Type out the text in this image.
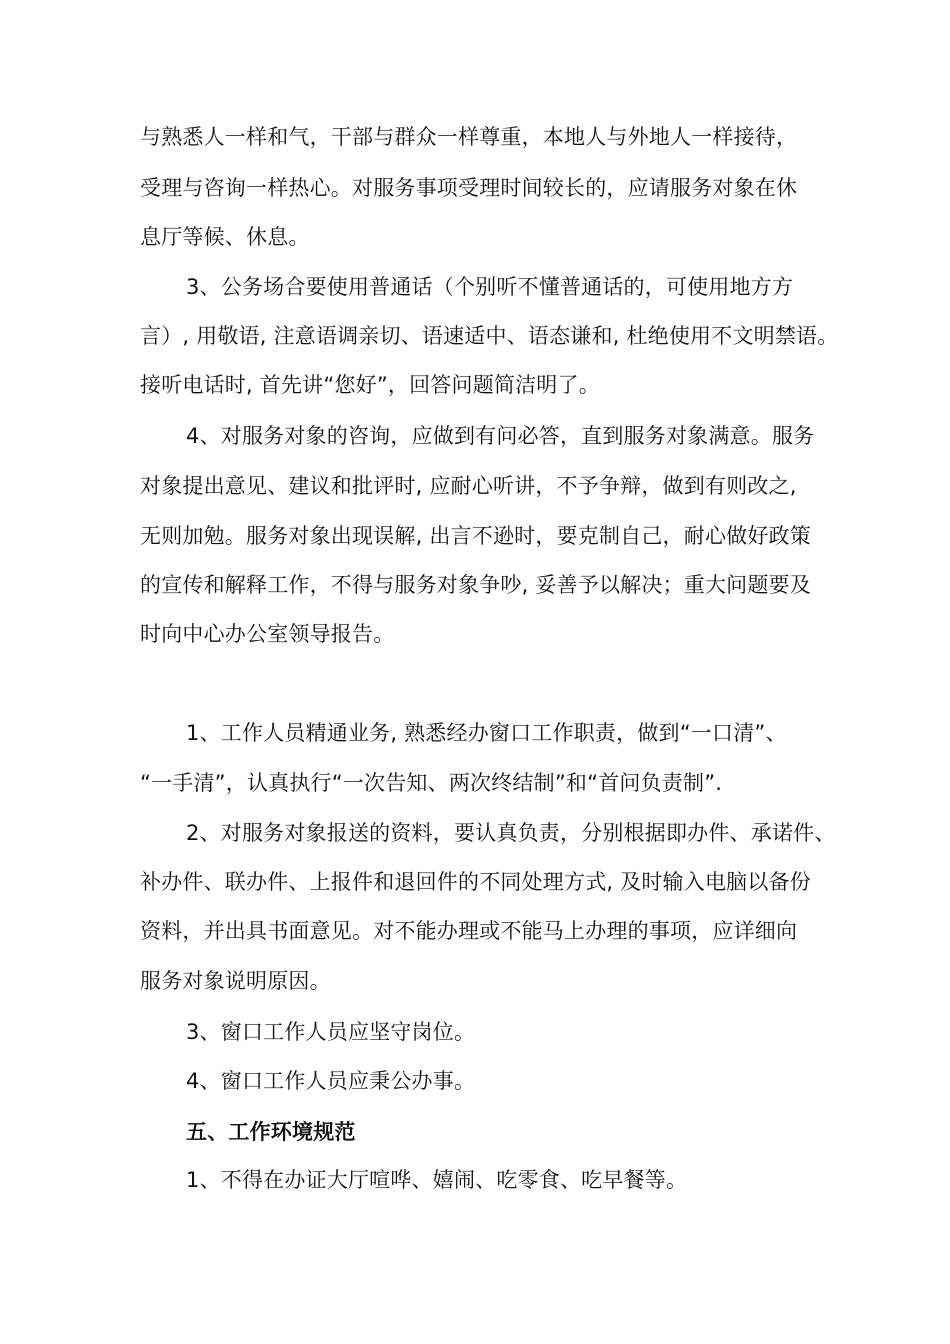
与熟悉人一样和气，干部与群众一样尊重，本地人与外地人一样接待，
受理与咨询一样热心。对服务事项受理时间较长的，应请服务对象在休
息厅等候、休息。
3、公务场合要使用普通话（个别听不懂普通话的，可使用地方方
言）, 用敬语, 注意语调亲切、语速适中、语态谦和, 杜绝使用不文明禁语。
接听电话时, 首先讲“您好”，回答问题简洁明了。
4、对服务对象的咨询，应做到有问必答，直到服务对象满意。服务
对象提出意见、建议和批评时, 应耐心听讲，不予争辩，做到有则改之,
无则加勉。服务对象出现误解, 出言不逊时，要克制自己，耐心做好政策
的宣传和解释工作，不得与服务对象争吵, 妥善予以解决；重大问题要及
时向中心办公室领导报告。
1、工作人员精通业务, 熟悉经办窗口工作职责，做到“一口清”、
“一手清”，认真执行“一次告知、两次终结制”和“首问负责制”.
2、对服务对象报送的资料，要认真负责，分别根据即办件、承诺件、
补办件、联办件、上报件和退回件的不同处理方式, 及时输入电脑以备份
资料，并出具书面意见。对不能办理或不能马上办理的事项，应详细向
服务对象说明原因。
3、窗口工作人员应坚守岗位。
4、窗口工作人员应秉公办事。
五、工作环境规范
1、不得在办证大厅喧哗、嬉闹、吃零食、吃早餐等。
